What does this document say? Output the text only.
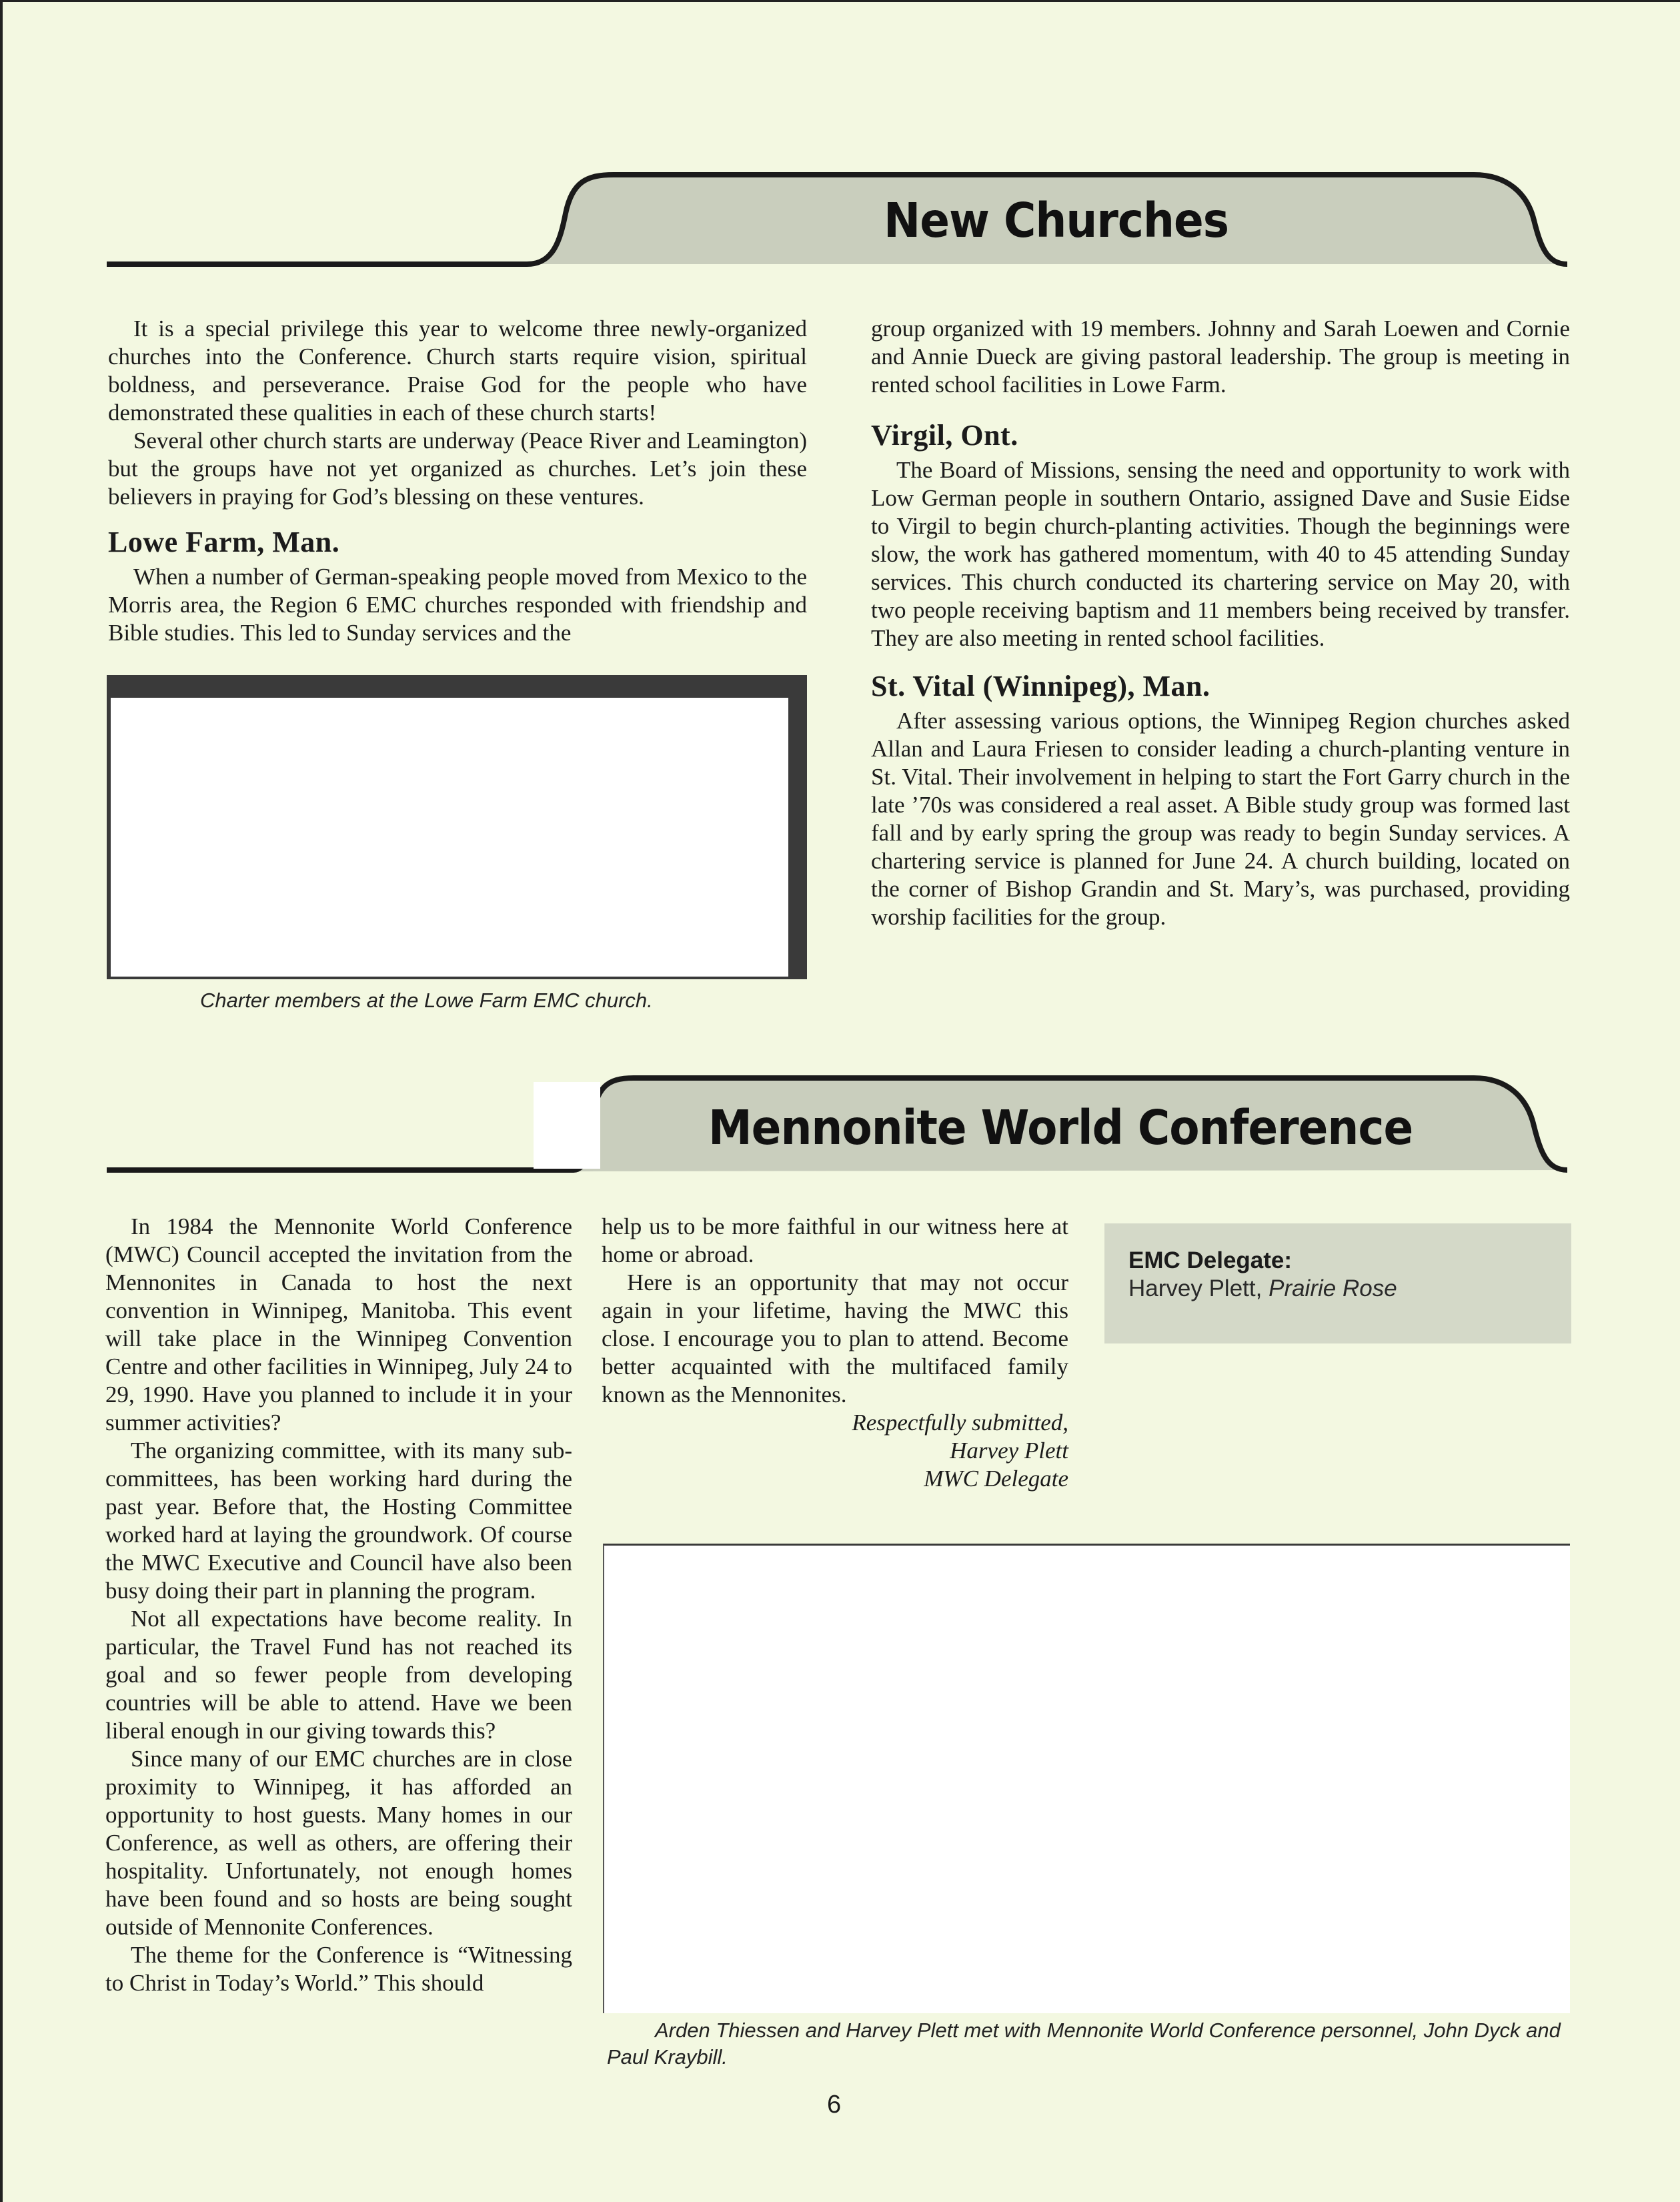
New Churches

It is a special privilege this year to welcome three newly-organized churches into the Conference. Church starts require vision, spiritual boldness, and perseverance. Praise God for the people who have demonstrated these qualities in each of these church starts!

Several other church starts are underway (Peace River and Leamington) but the groups have not yet organized as churches. Let’s join these believers in praying for God’s blessing on these ventures.

Lowe Farm, Man.

When a number of German-speaking people moved from Mexico to the Morris area, the Region 6 EMC churches responded with friendship and Bible studies. This led to Sunday services and the

Charter members at the Lowe Farm EMC church.

group organized with 19 members. Johnny and Sarah Loewen and Cornie and Annie Dueck are giving pastoral leadership. The group is meeting in rented school facilities in Lowe Farm.

Virgil, Ont.

The Board of Missions, sensing the need and opportunity to work with Low German people in southern Ontario, assigned Dave and Susie Eidse to Virgil to begin church-planting activities. Though the beginnings were slow, the work has gathered momentum, with 40 to 45 attending Sunday services. This church conducted its chartering service on May 20, with two people receiving baptism and 11 members being received by transfer. They are also meeting in rented school facilities.

St. Vital (Winnipeg), Man.

After assessing various options, the Winnipeg Region churches asked Allan and Laura Friesen to consider leading a church-planting venture in St. Vital. Their involvement in helping to start the Fort Garry church in the late ’70s was considered a real asset. A Bible study group was formed last fall and by early spring the group was ready to begin Sunday services. A chartering service is planned for June 24. A church building, located on the corner of Bishop Grandin and St. Mary’s, was purchased, providing worship facilities for the group.

Mennonite World Conference

In 1984 the Mennonite World Conference (MWC) Council accepted the invitation from the Mennonites in Canada to host the next convention in Winnipeg, Manitoba. This event will take place in the Winnipeg Convention Centre and other facilities in Winnipeg, July 24 to 29, 1990. Have you planned to include it in your summer activities?

The organizing committee, with its many sub-committees, has been working hard during the past year. Before that, the Hosting Committee worked hard at laying the groundwork. Of course the MWC Executive and Council have also been busy doing their part in planning the program.

Not all expectations have become reality. In particular, the Travel Fund has not reached its goal and so fewer people from developing countries will be able to attend. Have we been liberal enough in our giving towards this?

Since many of our EMC churches are in close proximity to Winnipeg, it has afforded an opportunity to host guests. Many homes in our Conference, as well as others, are offering their hospitality. Unfortunately, not enough homes have been found and so hosts are being sought outside of Mennonite Conferences.

The theme for the Conference is “Witnessing to Christ in Today’s World.” This should

help us to be more faithful in our witness here at home or abroad.

Here is an opportunity that may not occur again in your lifetime, having the MWC this close. I encourage you to plan to attend. Become better acquainted with the multifaced family known as the Mennonites.

Respectfully submitted,
Harvey Plett
MWC Delegate
EMC Delegate:
Harvey Plett, Prairie Rose
Arden Thiessen and Harvey Plett met with Mennonite World Conference personnel, John Dyck and Paul Kraybill.
6
